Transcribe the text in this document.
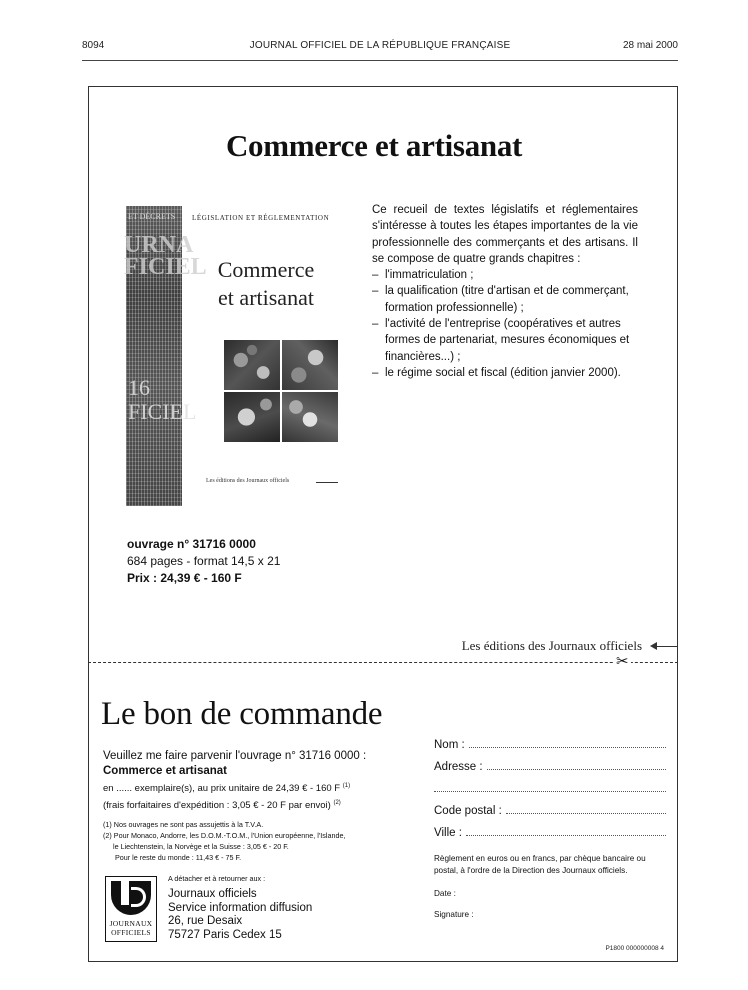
8094	JOURNAL OFFICIEL DE LA RÉPUBLIQUE FRANÇAISE	28 mai 2000
Commerce et artisanat
ET DÉCRETS
URNA FICIEL
16 FICIEL
LÉGISLATION ET RÉGLEMENTATION
Commerce
et artisanat
Les éditions des Journaux officiels

Ce recueil de textes législatifs et réglementaires s'intéresse à toutes les étapes importantes de la vie professionnelle des commerçants et des artisans. Il se compose de quatre grands chapitres :

– l'immatriculation ;
– la qualification (titre d'artisan et de commerçant, formation professionnelle) ;
– l'activité de l'entreprise (coopératives et autres formes de partenariat, mesures économiques et financières...) ;
– le régime social et fiscal (édition janvier 2000).
ouvrage n° 31716 0000
684 pages - format 14,5 x 21
Prix : 24,39 € - 160 F
Les éditions des Journaux officiels
✂
Le bon de commande
Veuillez me faire parvenir l'ouvrage n° 31716 0000 :
Commerce et artisanat
en ...... exemplaire(s), au prix unitaire de 24,39 € - 160 F $^{(1)}$
(frais forfaitaires d'expédition : 3,05 € - 20 F par envoi) $^{(2)}$
(1) Nos ouvrages ne sont pas assujettis à la T.V.A.
(2) Pour Monaco, Andorre, les D.O.M.-T.O.M., l'Union européenne, l'Islande,
le Liechtenstein, la Norvège et la Suisse : 3,05 € - 20 F.
Pour le reste du monde : 11,43 € - 75 F.
A détacher et à retourner aux :
Nom :
Adresse :
Code postal :
Ville :
Règlement en euros ou en francs, par chèque bancaire ou postal, à l'ordre de la Direction des Journaux officiels.
Date :
Signature :
JOURNAUX
OFFICIELS
Journaux officiels
Service information diffusion
26, rue Desaix
75727 Paris Cedex 15
P1800 000000008 4
